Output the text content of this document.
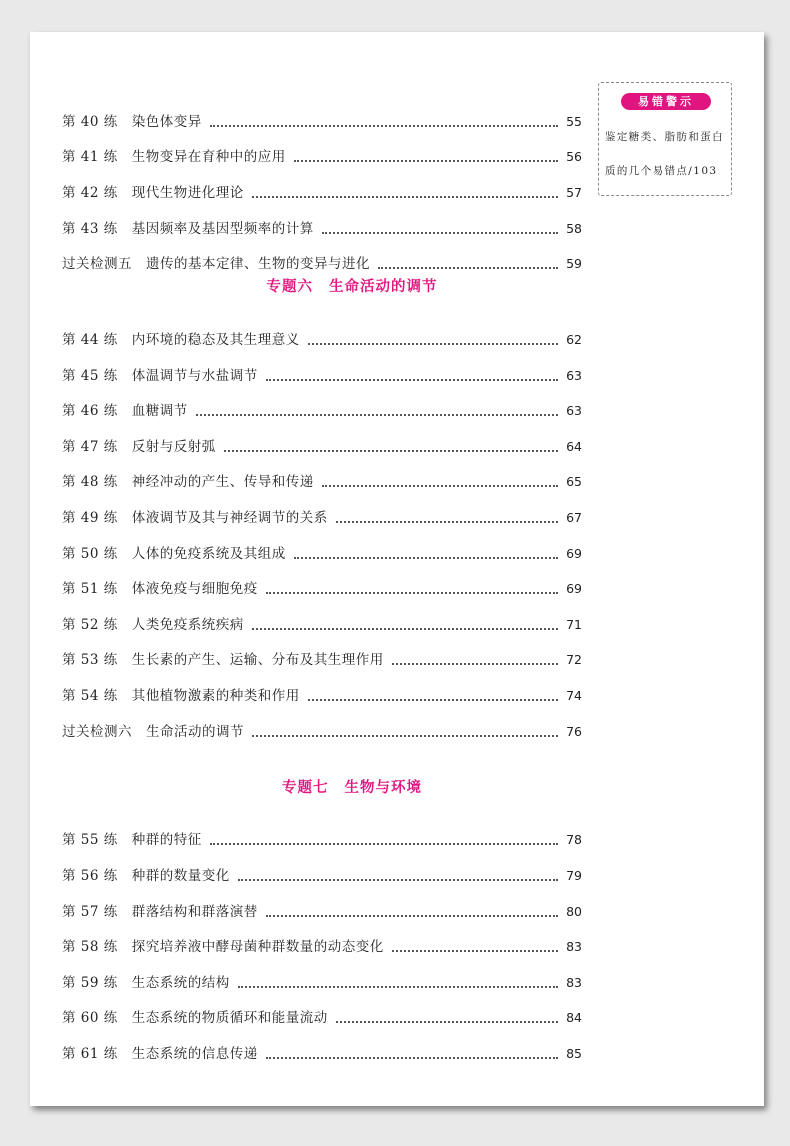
第 40 练 染色体变异	55
第 41 练 生物变异在育种中的应用	56
第 42 练 现代生物进化理论	57
第 43 练 基因频率及基因型频率的计算	58
过关检测五 遗传的基本定律、生物的变异与进化	59
专题六 生命活动的调节
第 44 练 内环境的稳态及其生理意义	62
第 45 练 体温调节与水盐调节	63
第 46 练 血糖调节	63
第 47 练 反射与反射弧	64
第 48 练 神经冲动的产生、传导和传递	65
第 49 练 体液调节及其与神经调节的关系	67
第 50 练 人体的免疫系统及其组成	69
第 51 练 体液免疫与细胞免疫	69
第 52 练 人类免疫系统疾病	71
第 53 练 生长素的产生、运输、分布及其生理作用	72
第 54 练 其他植物激素的种类和作用	74
过关检测六 生命活动的调节	76
专题七 生物与环境
第 55 练 种群的特征	78
第 56 练 种群的数量变化	79
第 57 练 群落结构和群落演替	80
第 58 练 探究培养液中酵母菌种群数量的动态变化	83
第 59 练 生态系统的结构	83
第 60 练 生态系统的物质循环和能量流动	84
第 61 练 生态系统的信息传递	85
易错警示
鉴定糖类、脂肪和蛋白
质的几个易错点/103
